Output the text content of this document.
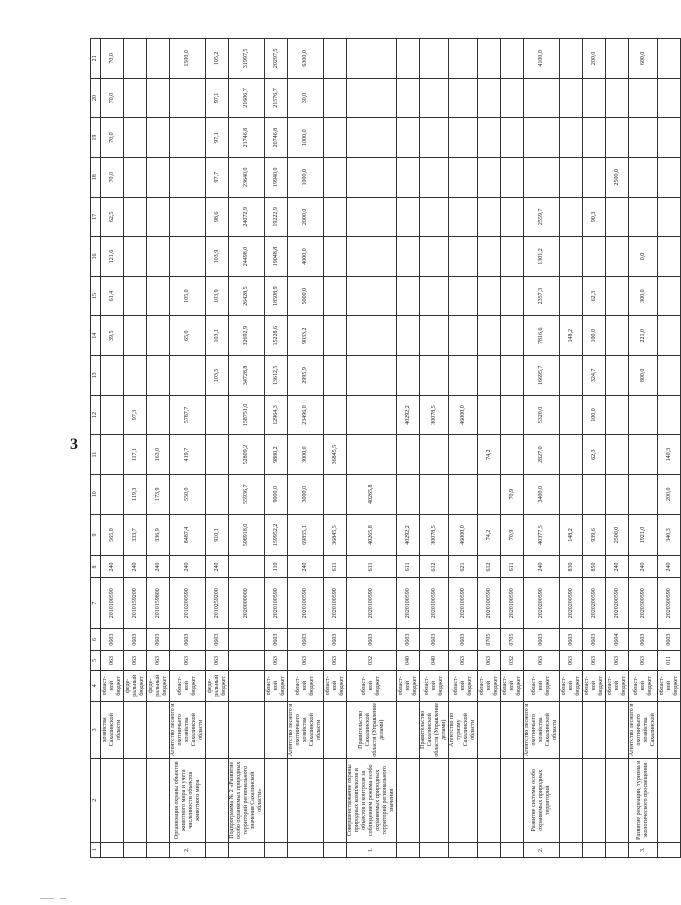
3
1	2	3	4	5	6	7	8	9	10	11	12	13	14	15	16	17	18	19	20	21
		хозяйства Сахалинской области	област-ной бюджет	063	0603	2010100590	240	565,0					39,5	61,4	121,6	62,5	70,0	70,0	70,0	70,0
			феде-ральный бюджет	063	0603	2010159200	240	333,7	119,3	117,1	97,3									
			феде-ральный бюджет	063	0603	2010159800	240	336,9	173,9	163,0										
2.	Организация охраны объектов животного мира и учета численности объектов животного мира	Агентство лесного и охотничьего хозяйства Сахалинской области	област-ной бюджет	063	0603	2010200590	240	8487,4	550,0	419,7	5787,7		65,0	105,0						1500,0
			феде-ральный бюджет	063	0603	2010259200	240	910,1				103,5	103,1	103,9	103,9	98,6	97,7	97,1	97,1	105,2
	Подпрограмма № 2 «Развитие особо охраняемых природных территорий регионального значения Сахалинской области»					2020000000		508918,0	55936,7	52809,2	158751,0	34728,8	32692,9	26428,5	24498,0	24072,9	23640,0	21746,8	21606,7	31997,5
			област-ной бюджет	063	0603	2020100590	110	159952,2	9000,0	9880,2	12964,3	13612,5	15228,6	18508,9	19048,8	19222,9	19940,0	20746,8	21576,7	20297,5
		Агентство лесного и охотничьего хозяйства Сахалинской области	област-ной бюджет	063	0603	2020100590	240	69855,1	3000,0	3000,0	23496,0	2995,9	9033,2	5000,0	4000,0	2000,0	1000,0	1000,0	30,0	6300,0
			област-ной бюджет	063	0603	2020100590	611	36845,5		36845,5										
1.	Совершенствование охраны природных комплексов и объектов и контроля за соблюдением режима особо охраняемых природных территорий регионального значения	Правительство Сахалинской области (Управление делами)	област-ной бюджет	032	0603	2020100590	611	40265,8	40265,8											
			област-ной бюджет	040	0603	2020100590	611	40292,2			40292,2									
		Правительство Сахалинской области (Управление делами)	област-ной бюджет	040	0603	2020100590	612	30078,5			30078,5									
		Агентство по туризму Сахалинской области	област-ной бюджет	063	0603	2020100590	621	46000,0			46000,0									
			област-ной бюджет	063	0705	2020100590	612	74,2		74,2										
			област-ной бюджет	032	0705	2020100590	611	70,9	70,9											
2.	Развитие системы особо охраняемых природных территорий	Агентство лесного и охотничьего хозяйства Сахалинской области	област-ной бюджет	063	0603	2020200590	240	40377,5	3400,0	2827,0	5320,0	16695,7	7816,6	2357,3	1301,2	2559,7				4100,0
			област-ной бюджет	063	0603	2020200590	830	148,2					148,2							
			област-ной бюджет	063	0603	2020200590	850	939,6		62,3	100,0	324,7	100,0	62,3		90,3				200,0
			област-ной бюджет	063	0604	2020200590	240	2500,0									2500,0			
3.	Развитие рекреации, туризма и экологического просвещения	Агентство лесного и охотничьего хозяйства Сахалинской	област-ной бюджет	063	0603	2020300590	240	1921,0				800,0	221,0	300,0	0,0					600,0
			област-ной бюджет	011	0603	2020300590	240	340,3	200,0	140,3										
